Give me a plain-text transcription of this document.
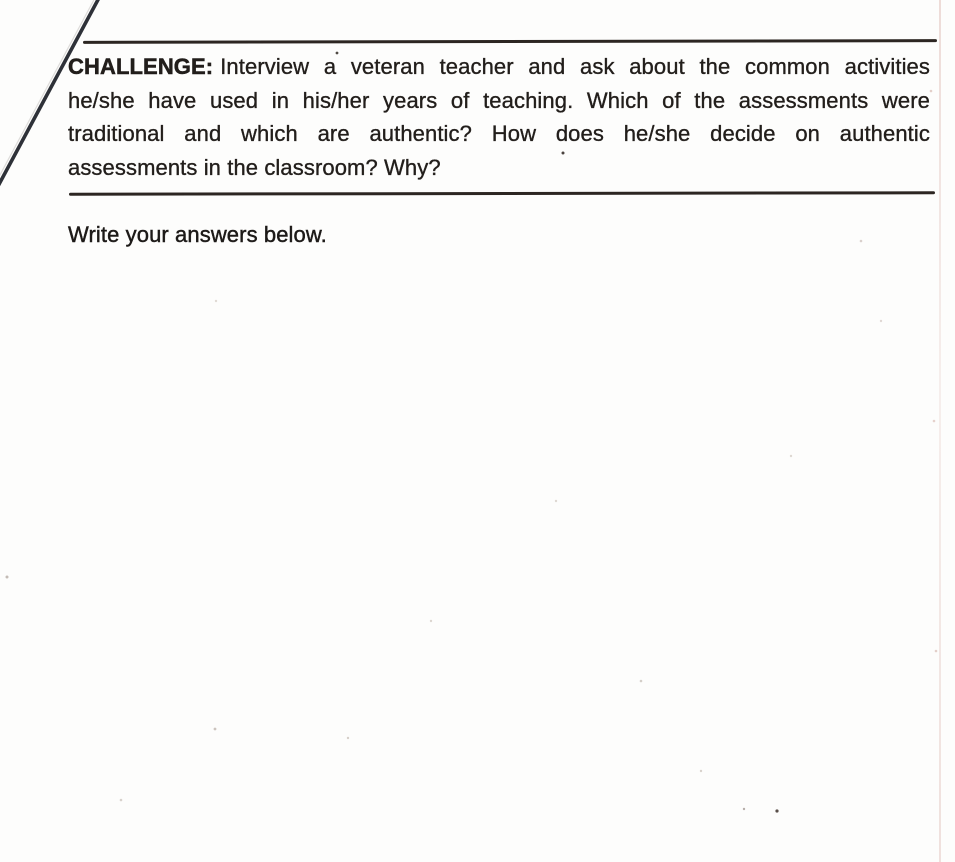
CHALLENGE: Interview a veteran teacher and ask about the common activities
he/she have used in his/her years of teaching. Which of the assessments were
traditional and which are authentic? How does he/she decide on authentic
assessments in the classroom? Why?
Write your answers below.
